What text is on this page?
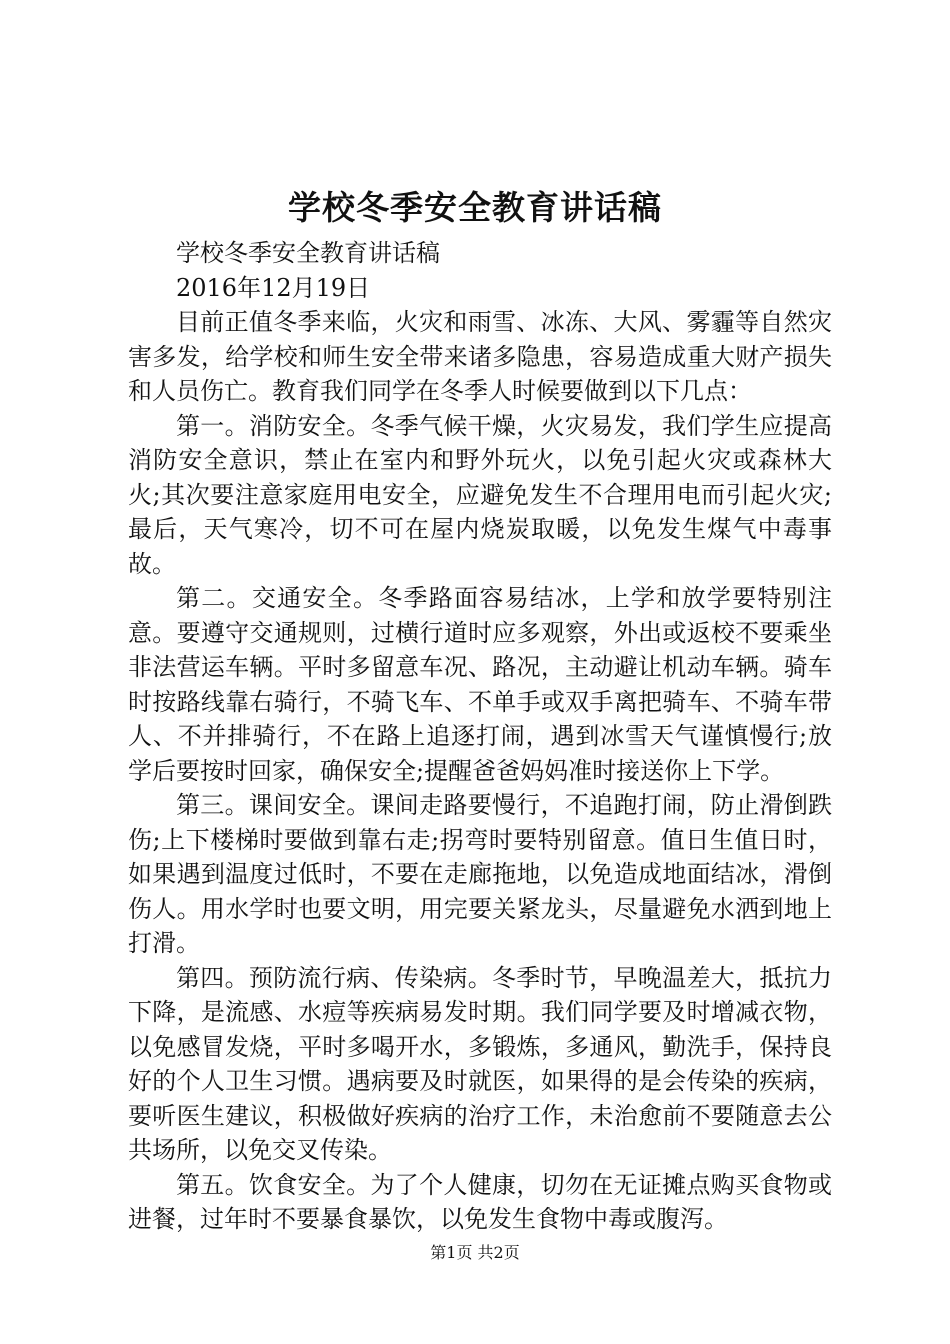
学校冬季安全教育讲话稿

学校冬季安全教育讲话稿

2016年12月19日

目前正值冬季来临，火灾和雨雪、冰冻、大风、雾霾等自然灾害多发，给学校和师生安全带来诸多隐患，容易造成重大财产损失和人员伤亡。教育我们同学在冬季人时候要做到以下几点：

第一。消防安全。冬季气候干燥，火灾易发，我们学生应提高消防安全意识，禁止在室内和野外玩火，以免引起火灾或森林大火;其次要注意家庭用电安全，应避免发生不合理用电而引起火灾;最后，天气寒冷，切不可在屋内烧炭取暖，以免发生煤气中毒事故。

第二。交通安全。冬季路面容易结冰，上学和放学要特别注意。要遵守交通规则，过横行道时应多观察，外出或返校不要乘坐非法营运车辆。平时多留意车况、路况，主动避让机动车辆。骑车时按路线靠右骑行，不骑飞车、不单手或双手离把骑车、不骑车带人、不并排骑行，不在路上追逐打闹，遇到冰雪天气谨慎慢行;放学后要按时回家，确保安全;提醒爸爸妈妈准时接送你上下学。

第三。课间安全。课间走路要慢行，不追跑打闹，防止滑倒跌伤;上下楼梯时要做到靠右走;拐弯时要特别留意。值日生值日时，如果遇到温度过低时，不要在走廊拖地，以免造成地面结冰，滑倒伤人。用水学时也要文明，用完要关紧龙头，尽量避免水洒到地上打滑。

第四。预防流行病、传染病。冬季时节，早晚温差大，抵抗力下降，是流感、水痘等疾病易发时期。我们同学要及时增减衣物，以免感冒发烧，平时多喝开水，多锻炼，多通风，勤洗手，保持良好的个人卫生习惯。遇病要及时就医，如果得的是会传染的疾病，要听医生建议，积极做好疾病的治疗工作，未治愈前不要随意去公共场所，以免交叉传染。

第五。饮食安全。为了个人健康，切勿在无证摊点购买食物或进餐，过年时不要暴食暴饮，以免发生食物中毒或腹泻。

第1页 共2页
